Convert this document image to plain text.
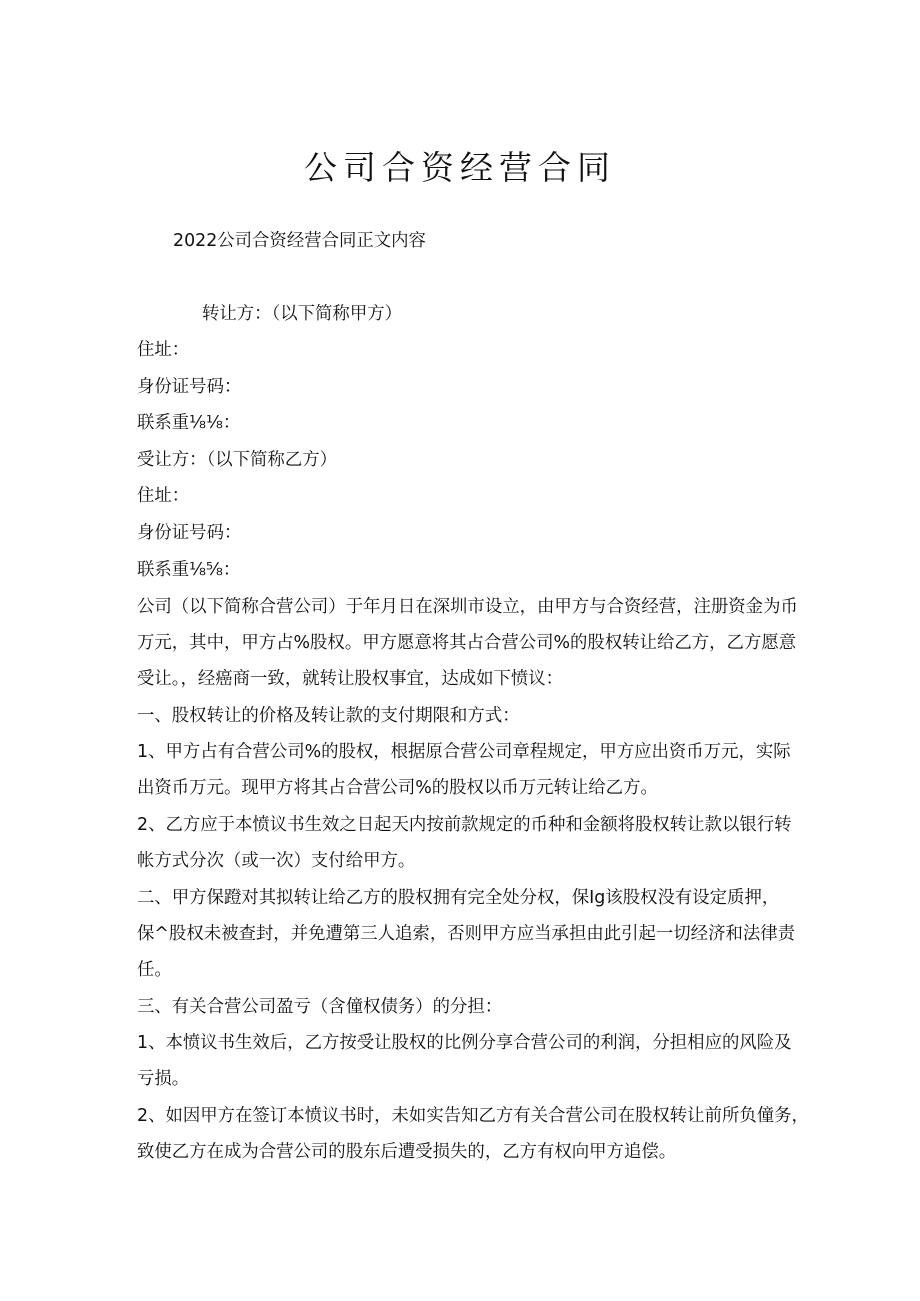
公司合资经营合同
2022公司合资经营合同正文内容
转让方：（以下简称甲方）
住址：
身份证号码：
联系重⅛⅛：
受让方：（以下简称乙方）
住址：
身份证号码：
联系重⅛⅝：
公司（以下简称合营公司）于年月日在深圳市设立，由甲方与合资经营，注册资金为币
万元，其中，甲方占%股权。甲方愿意将其占合营公司%的股权转让给乙方，乙方愿意
受让。，经癌商一致，就转让股权事宜，达成如下愤议：
一、股权转让的价格及转让款的支付期限和方式：
1、甲方占有合营公司%的股权，根据原合营公司章程规定，甲方应出资币万元，实际
出资币万元。现甲方将其占合营公司%的股权以币万元转让给乙方。
2、乙方应于本愤议书生效之日起天内按前款规定的币种和金额将股权转让款以银行转
帐方式分次（或一次）支付给甲方。
二、甲方保蹬对其拟转让给乙方的股权拥有完全处分权，保Ig该股权没有设定质押，
保^股权未被查封，并免遭第三人追索，否则甲方应当承担由此引起一切经济和法律责
任。
三、有关合营公司盈亏（含僮权债务）的分担：
1、本愤议书生效后，乙方按受让股权的比例分享合营公司的利润，分担相应的风险及
亏损。
2、如因甲方在签订本愤议书时，未如实告知乙方有关合营公司在股权转让前所负僮务，
致使乙方在成为合营公司的股东后遭受损失的，乙方有权向甲方追偿。
